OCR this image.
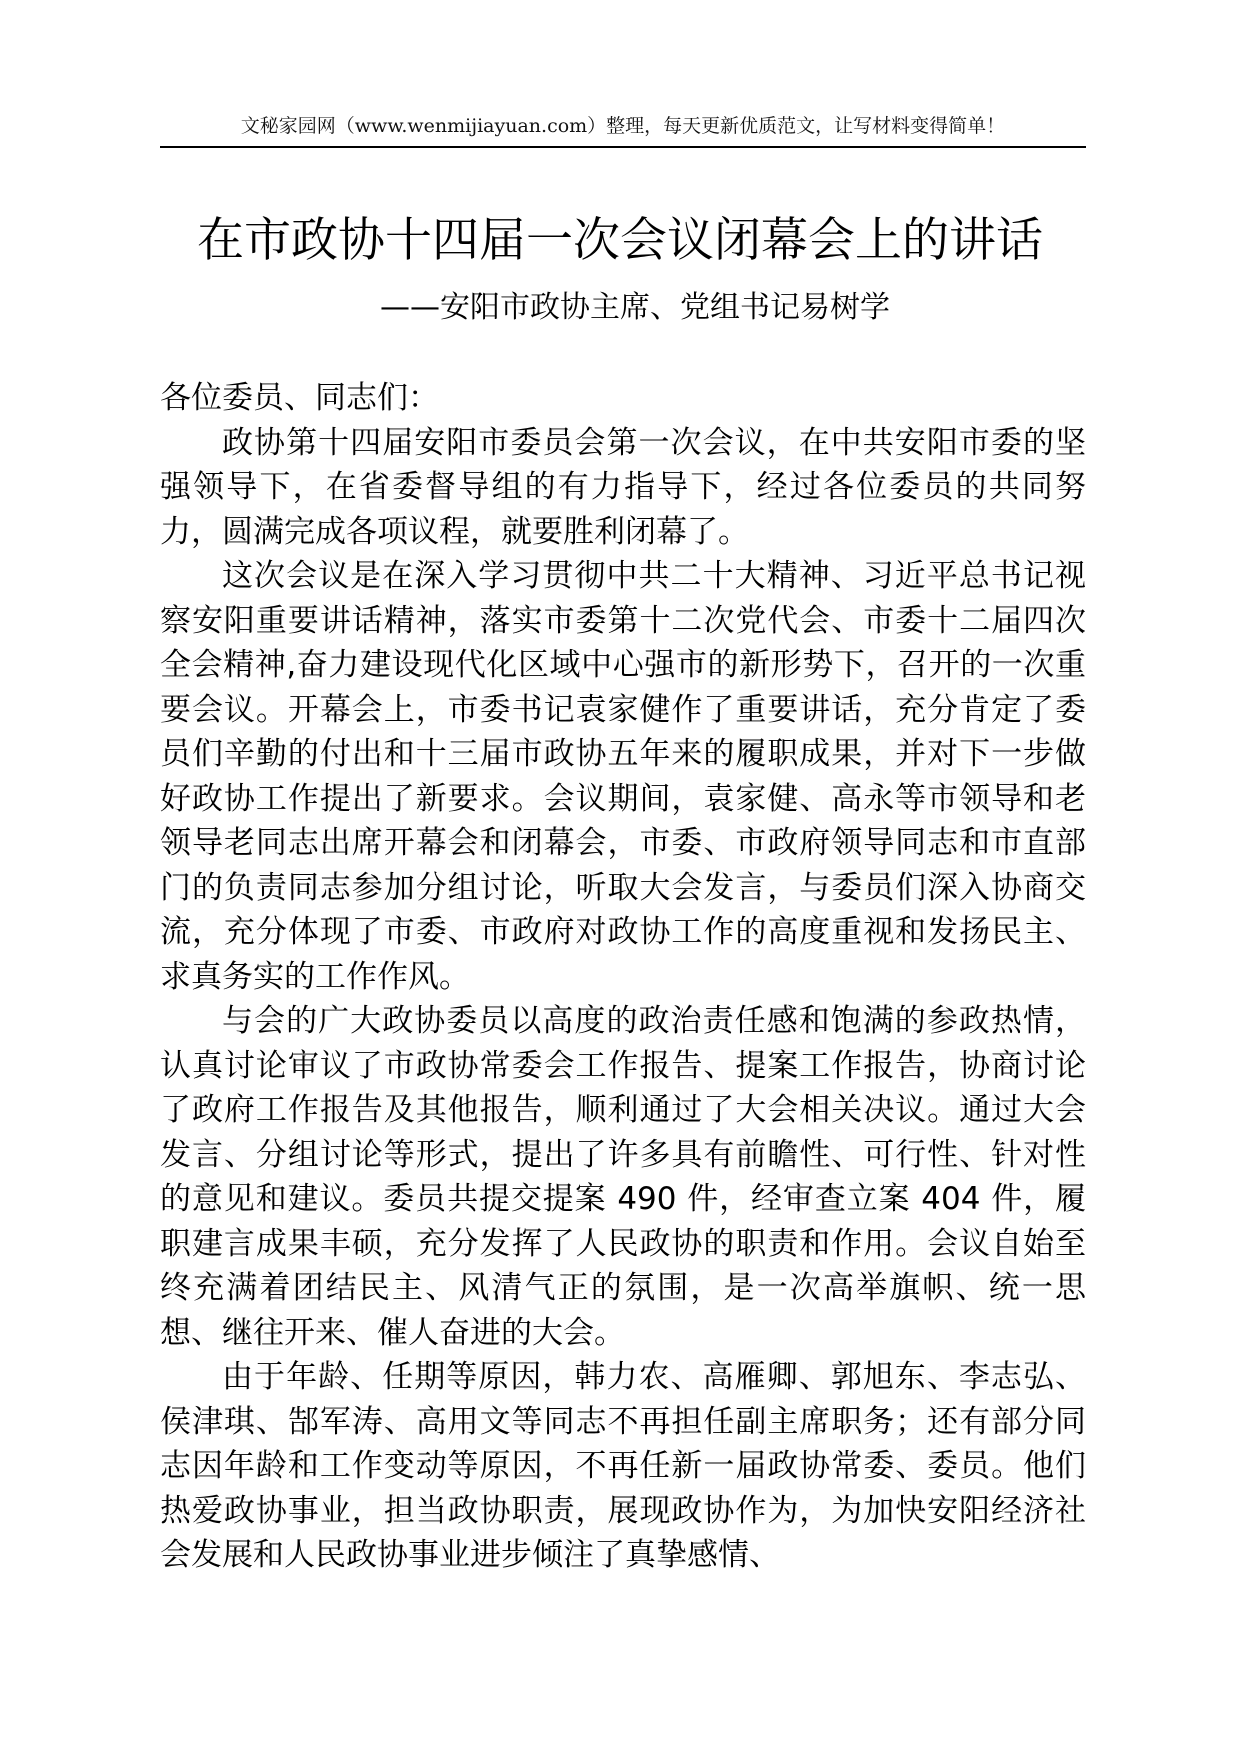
文秘家园网（www.wenmijiayuan.com）整理，每天更新优质范文，让写材料变得简单！
在市政协十四届一次会议闭幕会上的讲话
——安阳市政协主席、党组书记易树学

各位委员、同志们：

政协第十四届安阳市委员会第一次会议，在中共安阳市委的坚强领导下，在省委督导组的有力指导下，经过各位委员的共同努力，圆满完成各项议程，就要胜利闭幕了。

这次会议是在深入学习贯彻中共二十大精神、习近平总书记视察安阳重要讲话精神，落实市委第十二次党代会、市委十二届四次全会精神,奋力建设现代化区域中心强市的新形势下，召开的一次重要会议。开幕会上，市委书记袁家健作了重要讲话，充分肯定了委员们辛勤的付出和十三届市政协五年来的履职成果，并对下一步做好政协工作提出了新要求。会议期间，袁家健、高永等市领导和老领导老同志出席开幕会和闭幕会，市委、市政府领导同志和市直部门的负责同志参加分组讨论，听取大会发言，与委员们深入协商交流，充分体现了市委、市政府对政协工作的高度重视和发扬民主、求真务实的工作作风。

与会的广大政协委员以高度的政治责任感和饱满的参政热情，认真讨论审议了市政协常委会工作报告、提案工作报告，协商讨论了政府工作报告及其他报告，顺利通过了大会相关决议。通过大会发言、分组讨论等形式，提出了许多具有前瞻性、可行性、针对性的意见和建议。委员共提交提案 490 件，经审查立案 404 件，履职建言成果丰硕，充分发挥了人民政协的职责和作用。会议自始至终充满着团结民主、风清气正的氛围，是一次高举旗帜、统一思想、继往开来、催人奋进的大会。

由于年龄、任期等原因，韩力农、高雁卿、郭旭东、李志弘、侯津琪、郜军涛、高用文等同志不再担任副主席职务；还有部分同志因年龄和工作变动等原因，不再任新一届政协常委、委员。他们热爱政协事业，担当政协职责，展现政协作为，为加快安阳经济社会发展和人民政协事业进步倾注了真挚感情、
